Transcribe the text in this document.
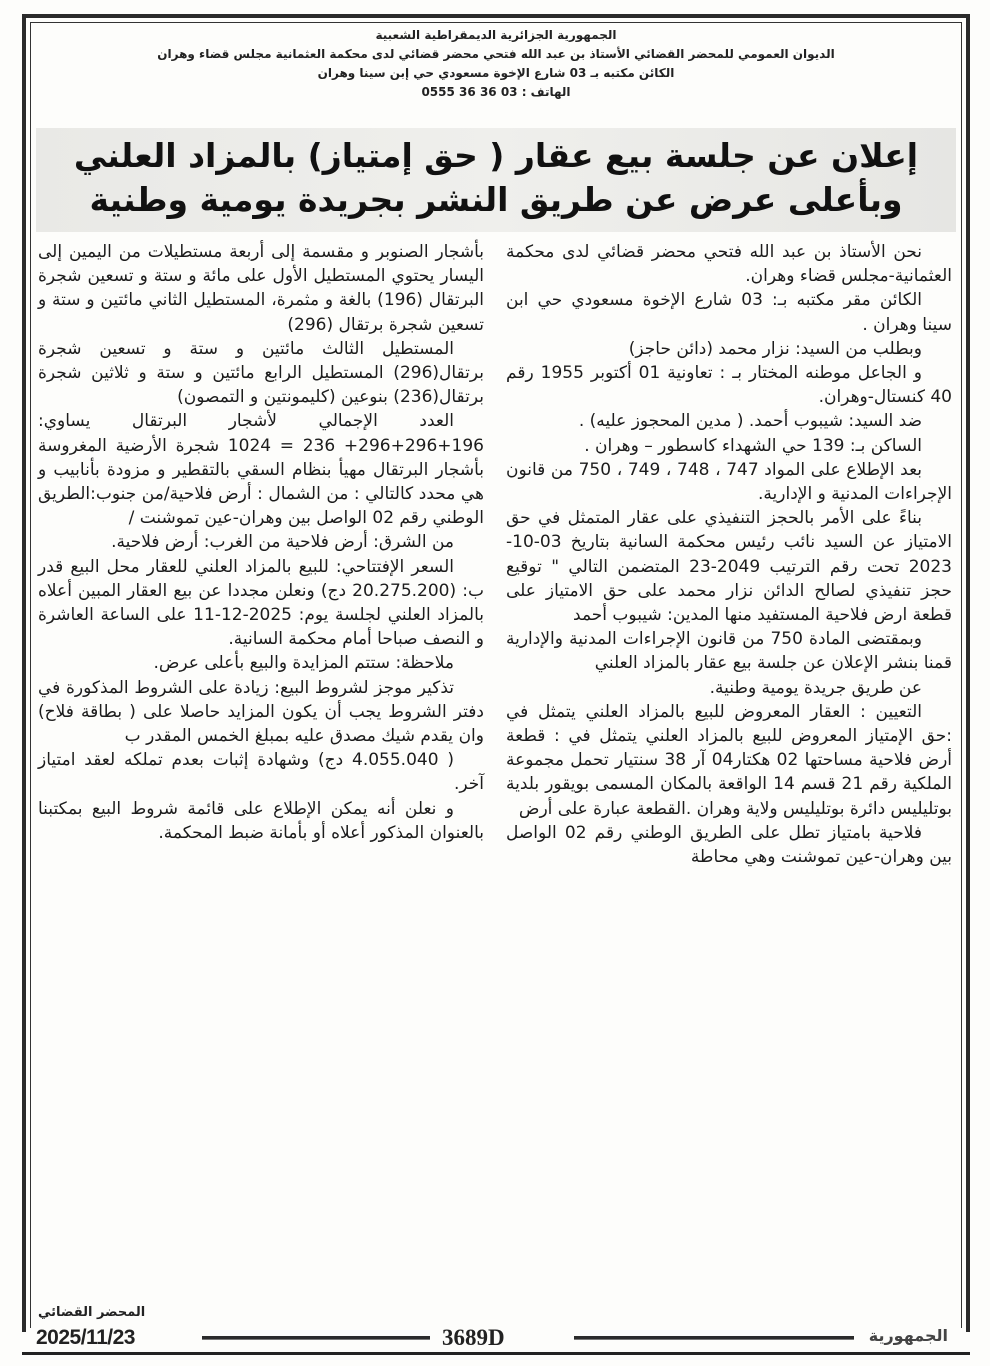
الجمهورية الجزائرية الديمقراطية الشعبية
الديوان العمومي للمحضر القضائي الأستاذ بن عبد الله فتحي محضر قضائي لدى محكمة العثمانية مجلس قضاء وهران
الكائن مكتبه بـ 03 شارع الإخوة مسعودي حي إبن سينا وهران
الهاتف : 03 36 36 0555
إعلان عن جلسة بيع عقار ( حق إمتياز) بالمزاد العلني
وبأعلى عرض عن طريق النشر بجريدة يومية وطنية

نحن الأستاذ بن عبد الله فتحي محضر قضائي لدى محكمة العثمانية-مجلس قضاء وهران.

الكائن مقر مكتبه بـ: 03 شارع الإخوة مسعودي حي ابن سينا وهران .

وبطلب من السيد: نزار محمد (دائن حاجز)

و الجاعل موطنه المختار بـ : تعاونية 01 أكتوبر 1955 رقم 40 كنستال-وهران.

ضد السيد: شيبوب أحمد. ( مدين المحجوز عليه) .

الساكن بـ: 139 حي الشهداء كاسطور – وهران .

بعد الإطلاع على المواد 747 ، 748 ، 749 ، 750 من قانون الإجراءات المدنية و الإدارية.

بناءً على الأمر بالحجز التنفيذي على عقار المتمثل في حق الامتياز عن السيد نائب رئيس محكمة السانية بتاريخ 03-10-2023 تحت رقم الترتيب 2049-23 المتضمن التالي " توقيع حجز تنفيذي لصالح الدائن نزار محمد على حق الامتياز على قطعة ارض فلاحية المستفيد منها المدين: شيبوب أحمد

وبمقتضى المادة 750 من قانون الإجراءات المدنية والإدارية قمنا بنشر الإعلان عن جلسة بيع عقار بالمزاد العلني

عن طريق جريدة يومية وطنية.

التعيين : العقار المعروض للبيع بالمزاد العلني يتمثل في :حق الإمتياز المعروض للبيع بالمزاد العلني يتمثل في : قطعة أرض فلاحية مساحتها 02 هكتار04 آر 38 سنتيار تحمل مجموعة الملكية رقم 21 قسم 14 الواقعة بالمكان المسمى بويقور بلدية بوتليليس دائرة بوتليليس ولاية وهران .القطعة عبارة على أرض

فلاحية بامتياز تطل على الطريق الوطني رقم 02 الواصل بين وهران-عين تموشنت وهي محاطة

بأشجار الصنوبر و مقسمة إلى أربعة مستطيلات من اليمين إلى اليسار يحتوي المستطيل الأول على مائة و ستة و تسعين شجرة البرتقال (196) بالغة و مثمرة، المستطيل الثاني مائتين و ستة و تسعين شجرة برتقال (296)

المستطيل الثالث مائتين و ستة و تسعين شجرة برتقال(296) المستطيل الرابع مائتين و ستة و ثلاثين شجرة برتقال(236) بنوعين (كليمونتين و التمصون)

العدد الإجمالي لأشجار البرتقال يساوي: 196+296+296+ 236 = 1024 شجرة الأرضية المغروسة بأشجار البرتقال مهيأ بنظام السقي بالتقطير و مزودة بأنابيب و هي محدد كالتالي : من الشمال : أرض فلاحية/من جنوب:الطريق الوطني رقم 02 الواصل بين وهران-عين تموشنت /

من الشرق: أرض فلاحية من الغرب: أرض فلاحية.

السعر الإفتتاحي: للبيع بالمزاد العلني للعقار محل البيع قدر ب: (20.275.200 دج) ونعلن مجددا عن بيع العقار المبين أعلاه بالمزاد العلني لجلسة يوم: 2025-12-11 على الساعة العاشرة و النصف صباحا أمام محكمة السانية.

ملاحظة: ستتم المزايدة والبيع بأعلى عرض.

تذكير موجز لشروط البيع: زيادة على الشروط المذكورة في دفتر الشروط يجب أن يكون المزايد حاصلا على ( بطاقة فلاح) وان يقدم شيك مصدق عليه بمبلغ الخمس المقدر ب

( 4.055.040 دج) وشهادة إثبات بعدم تملكه لعقد امتياز آخر.

و نعلن أنه يمكن الإطلاع على قائمة شروط البيع بمكتبنا بالعنوان المذكور أعلاه أو بأمانة ضبط المحكمة.

المحضر القضائي
2025/11/23	3689D	الجمهورية
